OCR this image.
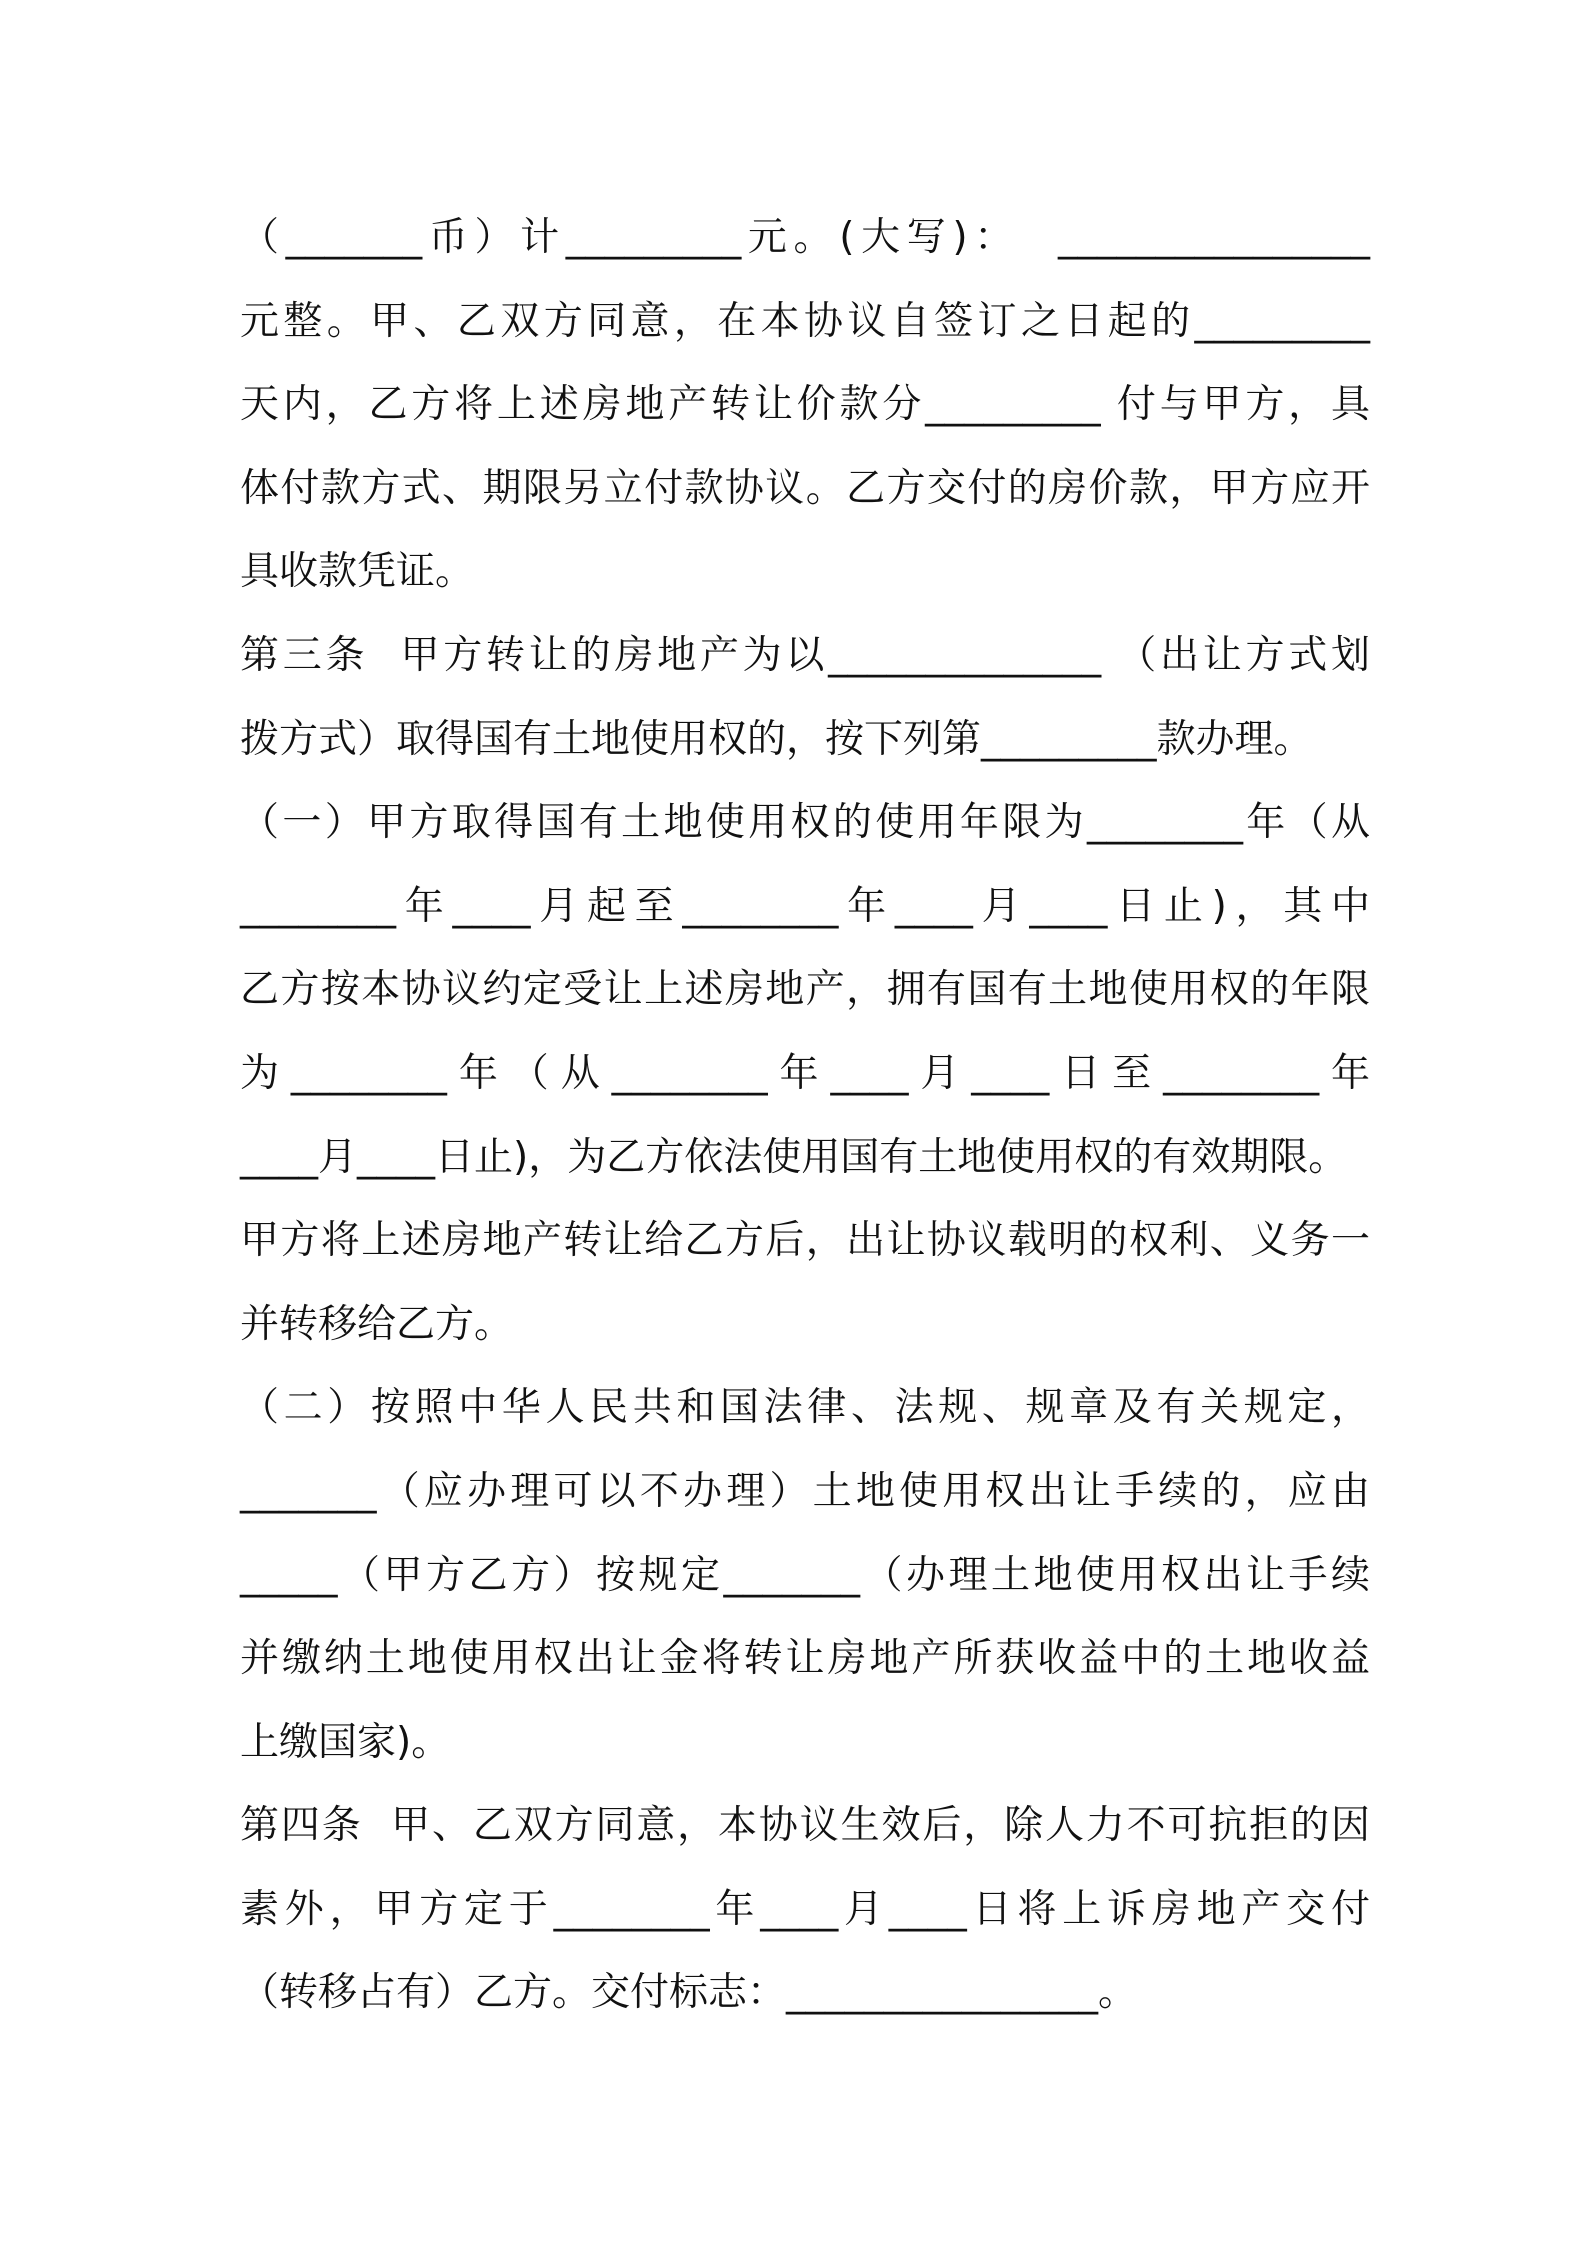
（_______币）计_________元。(大写)：  ________________
元整。甲、乙双方同意，在本协议自签订之日起的_________
天内，乙方将上述房地产转让价款分_________ 付与甲方，具
体付款方式、期限另立付款协议。乙方交付的房价款，甲方应开
具收款凭证。
第三条  甲方转让的房地产为以______________ （出让方式划
拨方式）取得国有土地使用权的，按下列第_________款办理。
（一）甲方取得国有土地使用权的使用年限为________年（从
________年____月起至________年____月____日止)，其中
乙方按本协议约定受让上述房地产，拥有国有土地使用权的年限
为________年（从________年____月____日至________年
____月____日止)，为乙方依法使用国有土地使用权的有效期限。
甲方将上述房地产转让给乙方后，出让协议载明的权利、义务一
并转移给乙方。
（二）按照中华人民共和国法律、法规、规章及有关规定，
_______（应办理可以不办理）土地使用权出让手续的，应由
_____（甲方乙方）按规定_______（办理土地使用权出让手续
并缴纳土地使用权出让金将转让房地产所获收益中的土地收益
上缴国家)。
第四条  甲、乙双方同意，本协议生效后，除人力不可抗拒的因
素外，甲方定于________年____月____日将上诉房地产交付
（转移占有）乙方。交付标志：________________。
